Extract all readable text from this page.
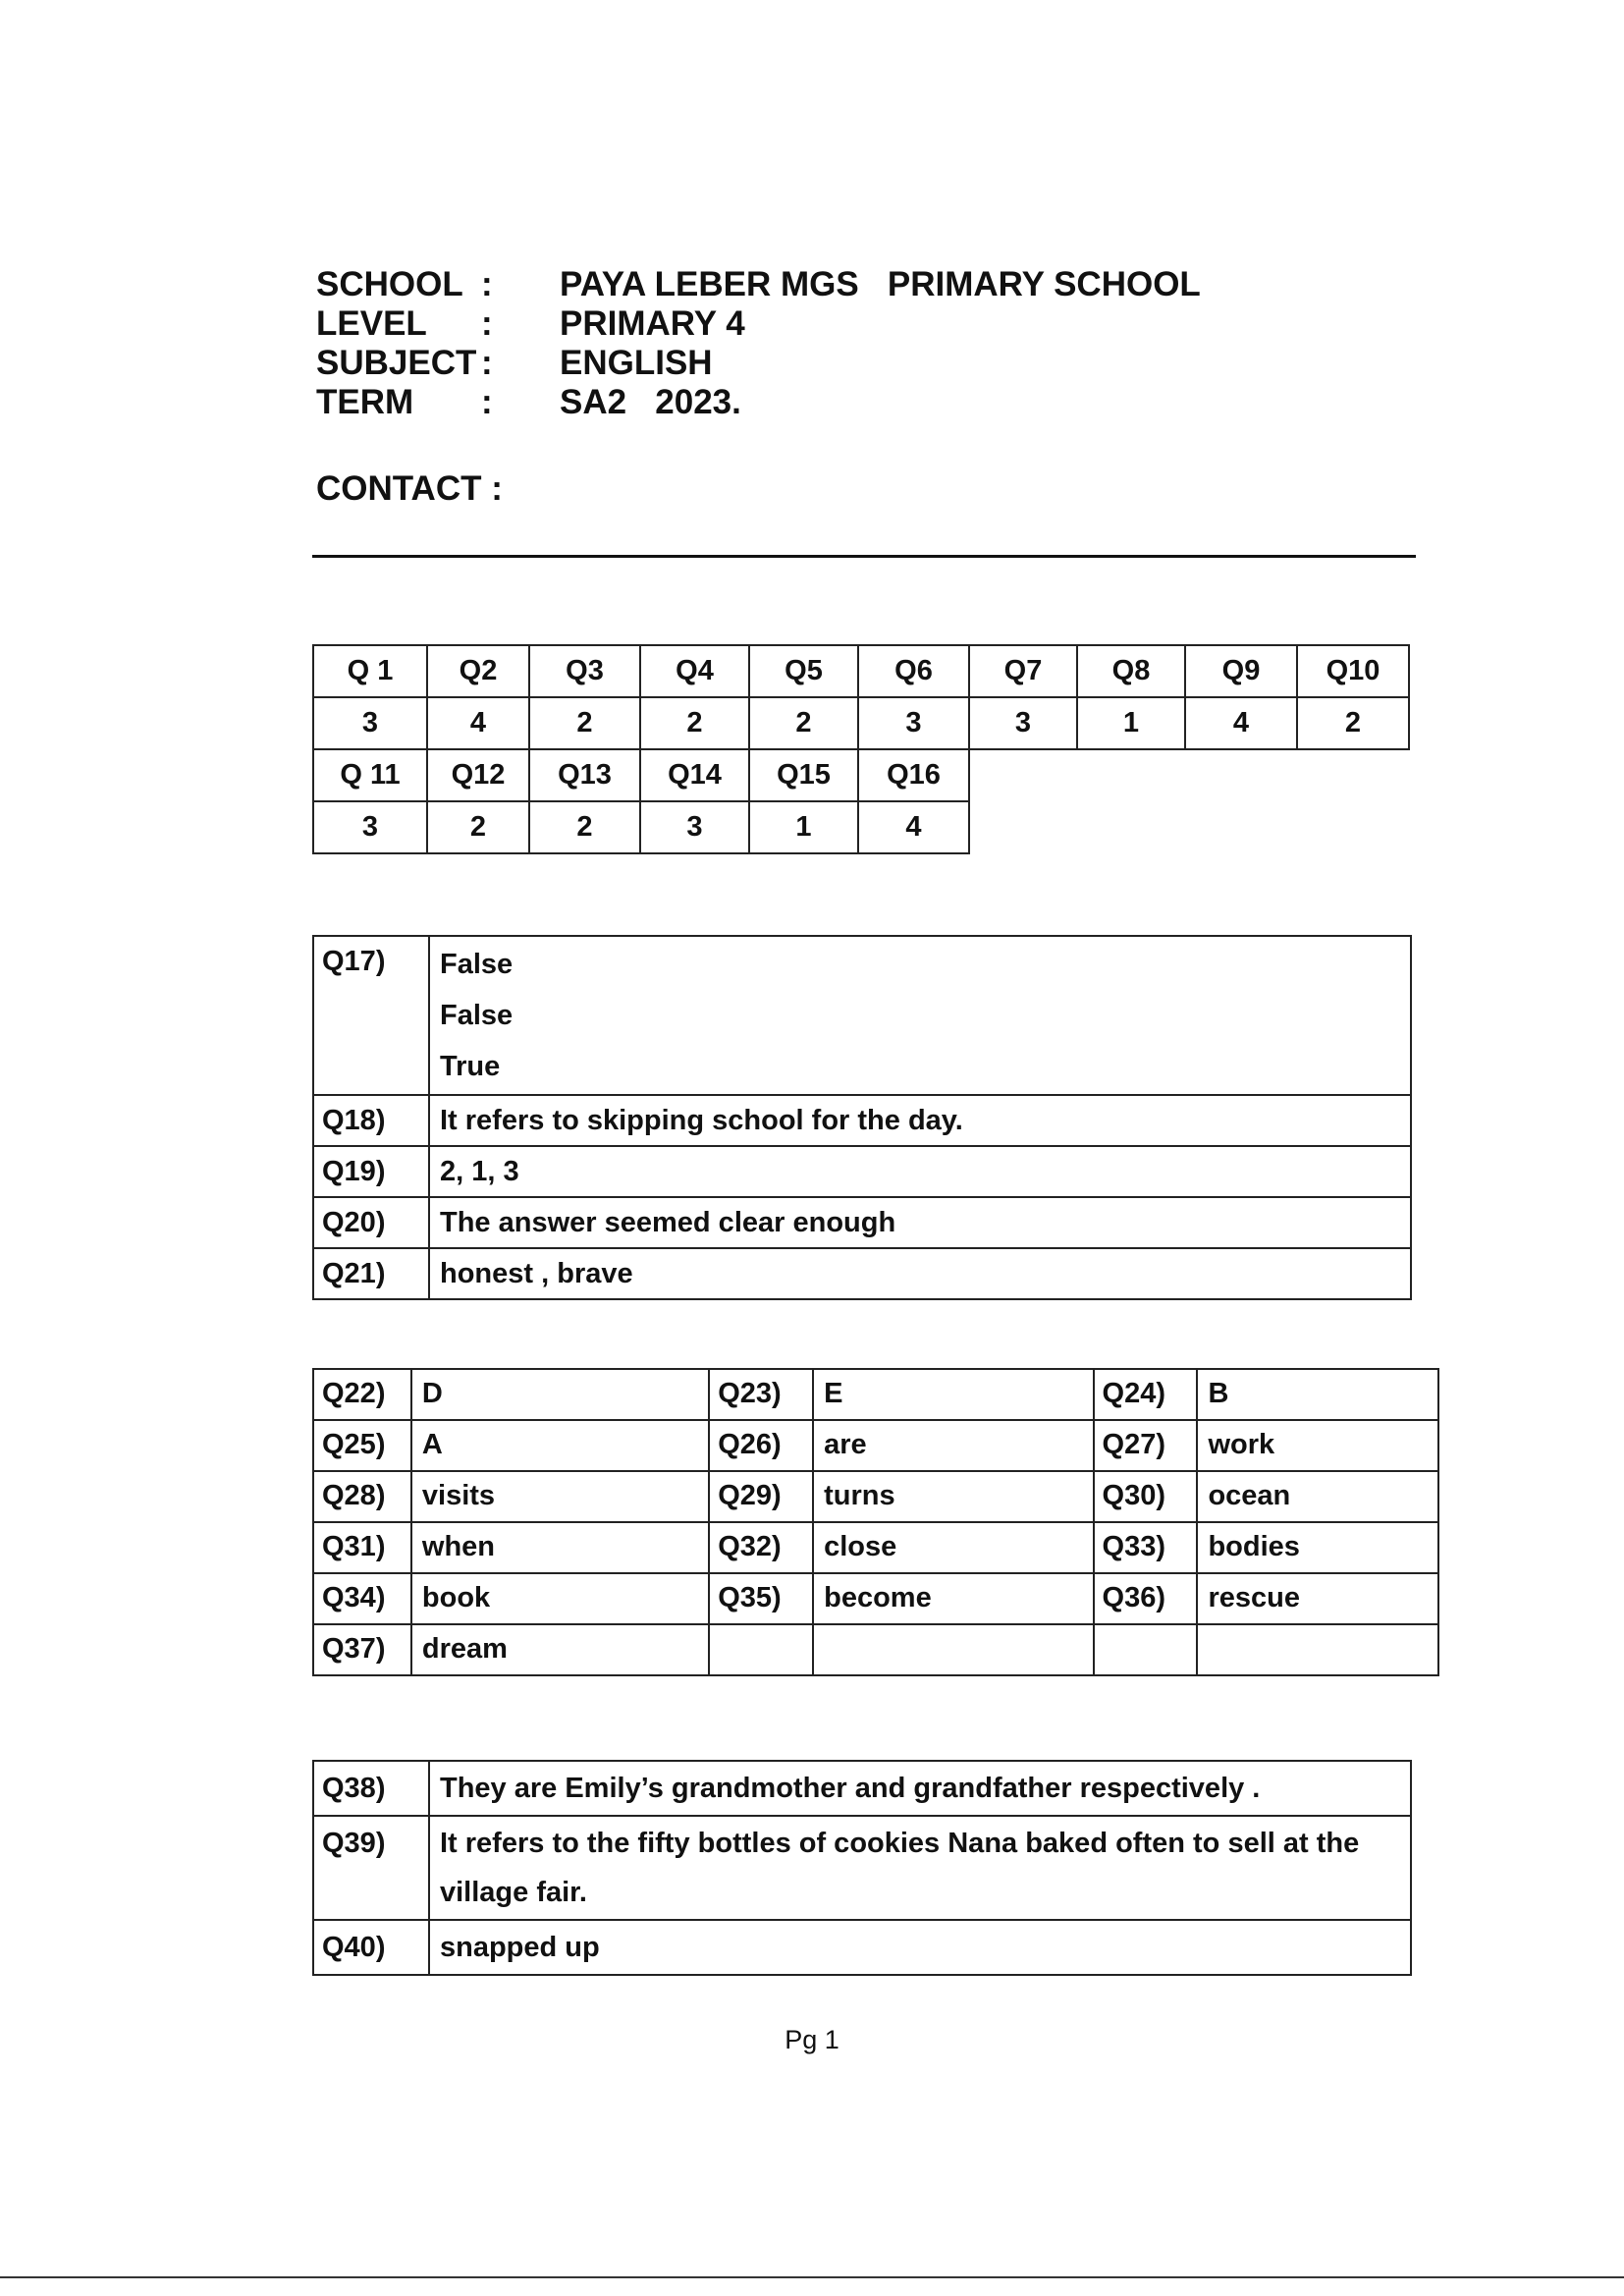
SCHOOL :	PAYA LEBER MGS   PRIMARY SCHOOL
LEVEL	:	PRIMARY 4
SUBJECT :	ENGLISH
TERM	:	SA2   2023.
CONTACT :
Q 1	Q2	Q3	Q4	Q5	Q6	Q7	Q8	Q9	Q10
3	4	2	2	2	3	3	1	4	2
Q 11	Q12	Q13	Q14	Q15	Q16
3	2	2	3	1	4
Q17)	False
False
True

Q18)	It refers to skipping school for the day.
Q19)	2, 1, 3
Q20)	The answer seemed clear enough
Q21)	honest , brave
Q22)	D	Q23)	E	Q24)	B
Q25)	A	Q26)	are	Q27)	work
Q28)	visits	Q29)	turns	Q30)	ocean
Q31)	when	Q32)	close	Q33)	bodies
Q34)	book	Q35)	become	Q36)	rescue
Q37)	dream				
Q38)	They are Emily’s grandmother and grandfather respectively .
Q39)	It refers to the fifty bottles of cookies Nana baked often to sell at the
village fair.

Q40)	snapped up
Pg 1
